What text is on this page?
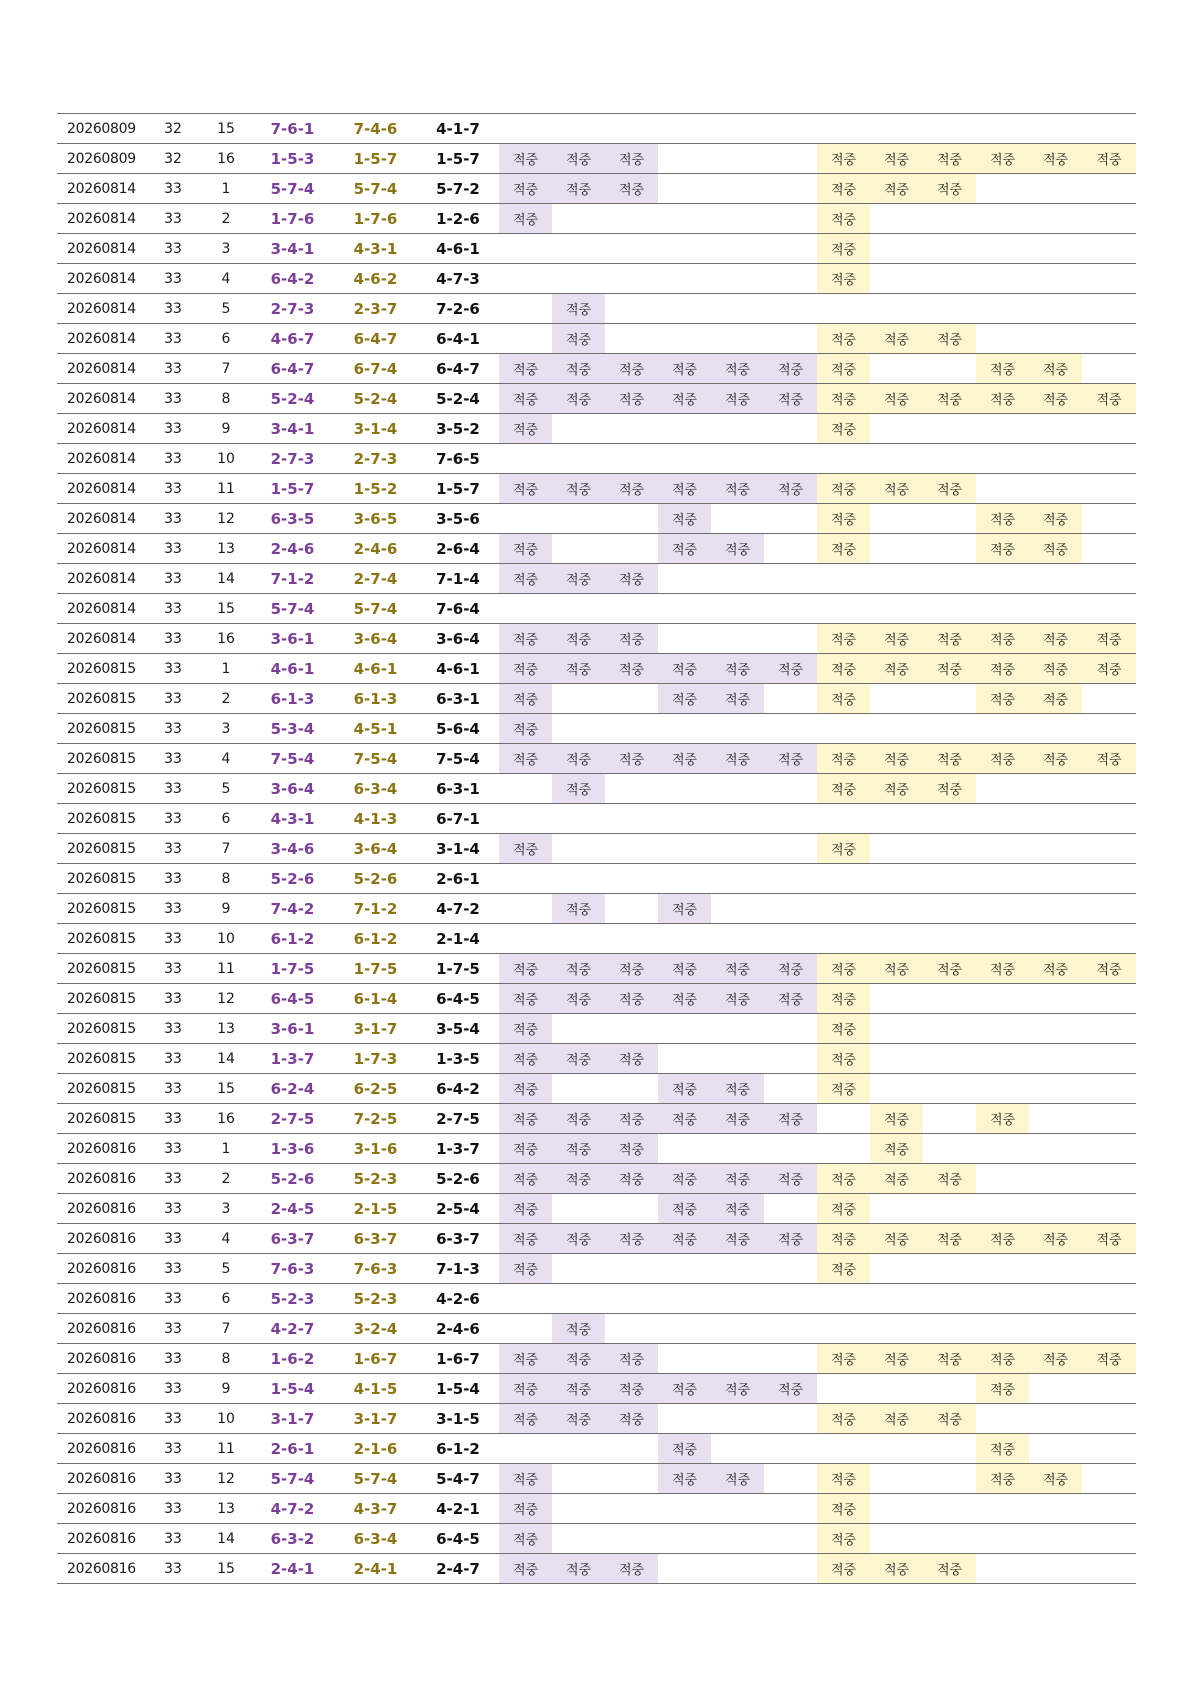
20260809	32	15	7-6-1	7-4-6	4-1-7												
20260809	32	16	1-5-3	1-5-7	1-5-7	적중	적중	적중				적중	적중	적중	적중	적중	적중
20260814	33	1	5-7-4	5-7-4	5-7-2	적중	적중	적중				적중	적중	적중			
20260814	33	2	1-7-6	1-7-6	1-2-6	적중						적중					
20260814	33	3	3-4-1	4-3-1	4-6-1							적중					
20260814	33	4	6-4-2	4-6-2	4-7-3							적중					
20260814	33	5	2-7-3	2-3-7	7-2-6		적중										
20260814	33	6	4-6-7	6-4-7	6-4-1		적중					적중	적중	적중			
20260814	33	7	6-4-7	6-7-4	6-4-7	적중	적중	적중	적중	적중	적중	적중			적중	적중	
20260814	33	8	5-2-4	5-2-4	5-2-4	적중	적중	적중	적중	적중	적중	적중	적중	적중	적중	적중	적중
20260814	33	9	3-4-1	3-1-4	3-5-2	적중						적중					
20260814	33	10	2-7-3	2-7-3	7-6-5												
20260814	33	11	1-5-7	1-5-2	1-5-7	적중	적중	적중	적중	적중	적중	적중	적중	적중			
20260814	33	12	6-3-5	3-6-5	3-5-6				적중			적중			적중	적중	
20260814	33	13	2-4-6	2-4-6	2-6-4	적중			적중	적중		적중			적중	적중	
20260814	33	14	7-1-2	2-7-4	7-1-4	적중	적중	적중									
20260814	33	15	5-7-4	5-7-4	7-6-4												
20260814	33	16	3-6-1	3-6-4	3-6-4	적중	적중	적중				적중	적중	적중	적중	적중	적중
20260815	33	1	4-6-1	4-6-1	4-6-1	적중	적중	적중	적중	적중	적중	적중	적중	적중	적중	적중	적중
20260815	33	2	6-1-3	6-1-3	6-3-1	적중			적중	적중		적중			적중	적중	
20260815	33	3	5-3-4	4-5-1	5-6-4	적중											
20260815	33	4	7-5-4	7-5-4	7-5-4	적중	적중	적중	적중	적중	적중	적중	적중	적중	적중	적중	적중
20260815	33	5	3-6-4	6-3-4	6-3-1		적중					적중	적중	적중			
20260815	33	6	4-3-1	4-1-3	6-7-1												
20260815	33	7	3-4-6	3-6-4	3-1-4	적중						적중					
20260815	33	8	5-2-6	5-2-6	2-6-1												
20260815	33	9	7-4-2	7-1-2	4-7-2		적중		적중								
20260815	33	10	6-1-2	6-1-2	2-1-4												
20260815	33	11	1-7-5	1-7-5	1-7-5	적중	적중	적중	적중	적중	적중	적중	적중	적중	적중	적중	적중
20260815	33	12	6-4-5	6-1-4	6-4-5	적중	적중	적중	적중	적중	적중	적중					
20260815	33	13	3-6-1	3-1-7	3-5-4	적중						적중					
20260815	33	14	1-3-7	1-7-3	1-3-5	적중	적중	적중				적중					
20260815	33	15	6-2-4	6-2-5	6-4-2	적중			적중	적중		적중					
20260815	33	16	2-7-5	7-2-5	2-7-5	적중	적중	적중	적중	적중	적중		적중		적중		
20260816	33	1	1-3-6	3-1-6	1-3-7	적중	적중	적중					적중				
20260816	33	2	5-2-6	5-2-3	5-2-6	적중	적중	적중	적중	적중	적중	적중	적중	적중			
20260816	33	3	2-4-5	2-1-5	2-5-4	적중			적중	적중		적중					
20260816	33	4	6-3-7	6-3-7	6-3-7	적중	적중	적중	적중	적중	적중	적중	적중	적중	적중	적중	적중
20260816	33	5	7-6-3	7-6-3	7-1-3	적중						적중					
20260816	33	6	5-2-3	5-2-3	4-2-6												
20260816	33	7	4-2-7	3-2-4	2-4-6		적중										
20260816	33	8	1-6-2	1-6-7	1-6-7	적중	적중	적중				적중	적중	적중	적중	적중	적중
20260816	33	9	1-5-4	4-1-5	1-5-4	적중	적중	적중	적중	적중	적중				적중		
20260816	33	10	3-1-7	3-1-7	3-1-5	적중	적중	적중				적중	적중	적중			
20260816	33	11	2-6-1	2-1-6	6-1-2				적중						적중		
20260816	33	12	5-7-4	5-7-4	5-4-7	적중			적중	적중		적중			적중	적중	
20260816	33	13	4-7-2	4-3-7	4-2-1	적중						적중					
20260816	33	14	6-3-2	6-3-4	6-4-5	적중						적중					
20260816	33	15	2-4-1	2-4-1	2-4-7	적중	적중	적중				적중	적중	적중			
